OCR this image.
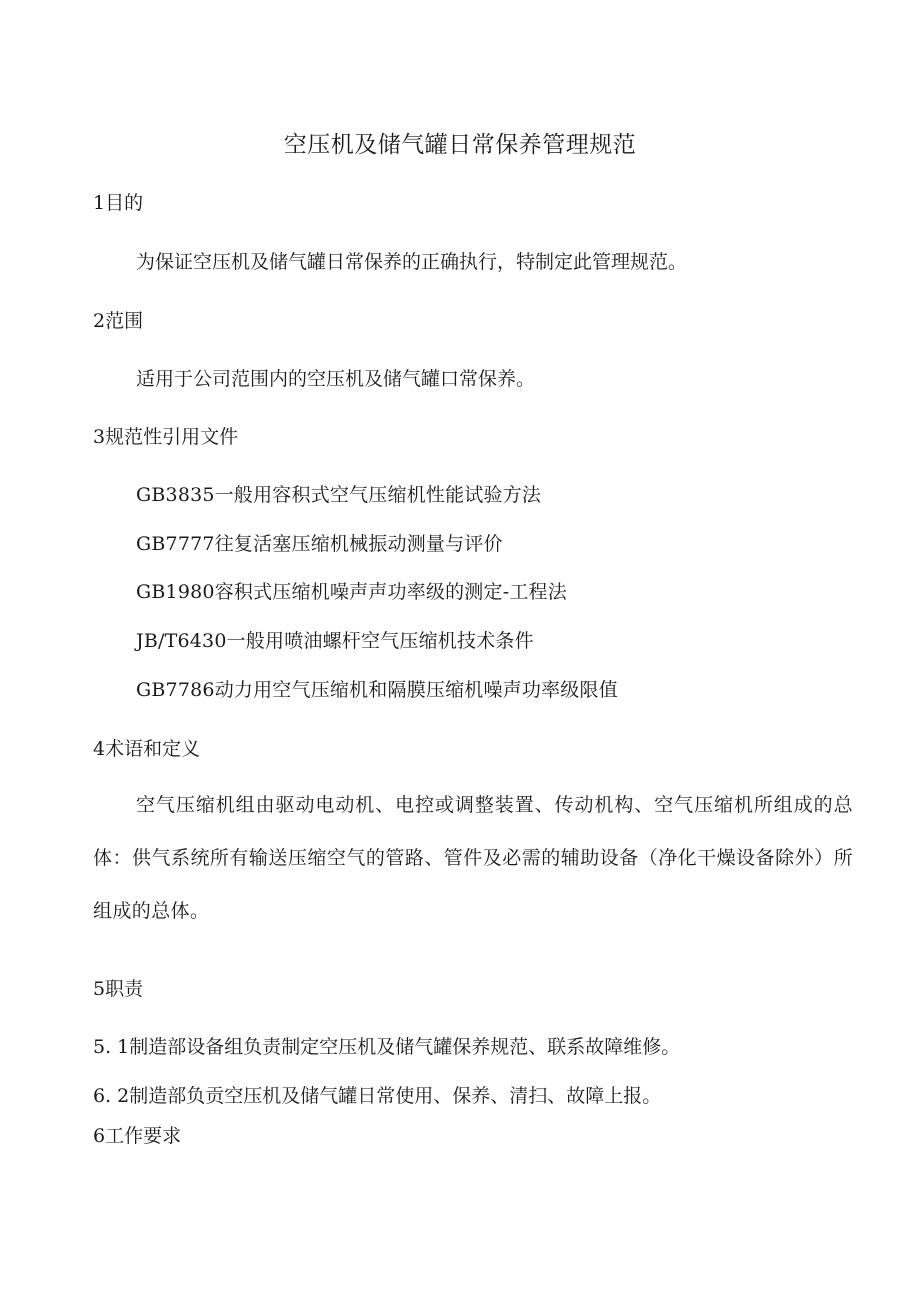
空压机及储气罐日常保养管理规范
1目的
为保证空压机及储气罐日常保养的正确执行，特制定此管理规范。
2范围
适用于公司范围内的空压机及储气罐口常保养。
3规范性引用文件
GB3835一般用容积式空气压缩机性能试验方法
GB7777往复活塞压缩机械振动测量与评价
GB1980容积式压缩机噪声声功率级的测定-工程法
JB/T6430一般用喷油螺杆空气压缩机技术条件
GB7786动力用空气压缩机和隔膜压缩机噪声功率级限值
4术语和定义
空气压缩机组由驱动电动机、电控或调整装置、传动机构、空气压缩机所组成的总体：供气系统所有输送压缩空气的管路、管件及必需的辅助设备（净化干燥设备除外）所组成的总体。
5职责
5. 1制造部设备组负责制定空压机及储气罐保养规范、联系故障维修。
6. 2制造部负贡空压机及储气罐日常使用、保养、清扫、故障上报。
6工作要求
